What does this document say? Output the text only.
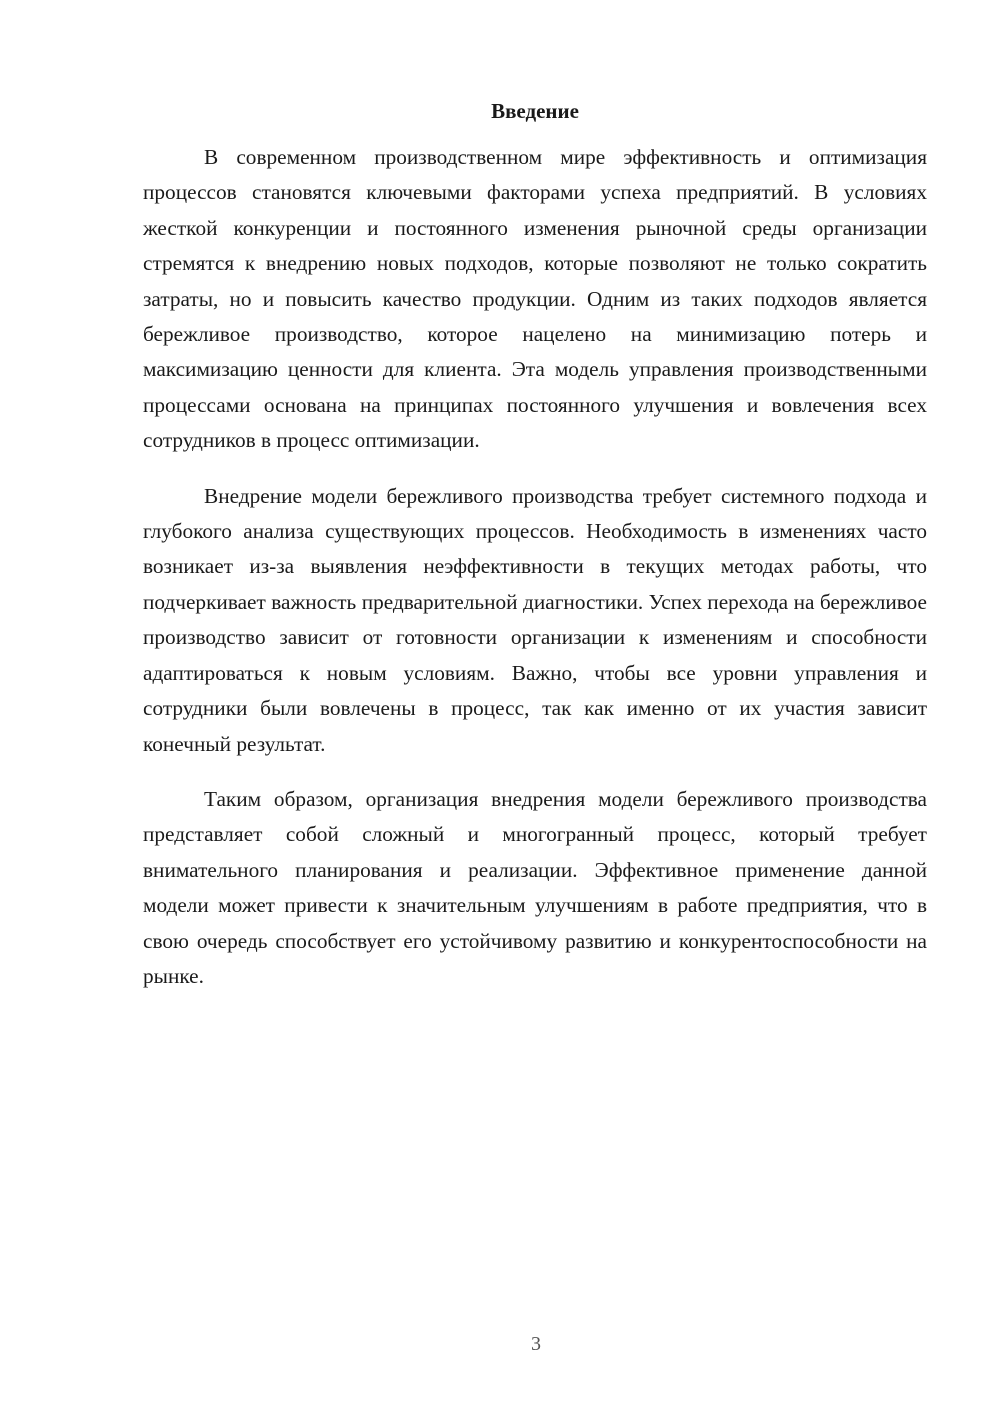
Введение

В современном производственном мире эффективность и оптимизация процессов становятся ключевыми факторами успеха предприятий. В условиях жесткой конкуренции и постоянного изменения рыночной среды организации стремятся к внедрению новых подходов, которые позволяют не только сократить затраты, но и повысить качество продукции. Одним из таких подходов является бережливое производство, которое нацелено на минимизацию потерь и максимизацию ценности для клиента. Эта модель управления производственными процессами основана на принципах постоянного улучшения и вовлечения всех сотрудников в процесс оптимизации.

Внедрение модели бережливого производства требует системного подхода и глубокого анализа существующих процессов. Необходимость в изменениях часто возникает из-за выявления неэффективности в текущих методах работы, что подчеркивает важность предварительной диагностики. Успех перехода на бережливое производство зависит от готовности организации к изменениям и способности адаптироваться к новым условиям. Важно, чтобы все уровни управления и сотрудники были вовлечены в процесс, так как именно от их участия зависит конечный результат.

Таким образом, организация внедрения модели бережливого производства представляет собой сложный и многогранный процесс, который требует внимательного планирования и реализации. Эффективное применение данной модели может привести к значительным улучшениям в работе предприятия, что в свою очередь способствует его устойчивому развитию и конкурентоспособности на рынке.

3
